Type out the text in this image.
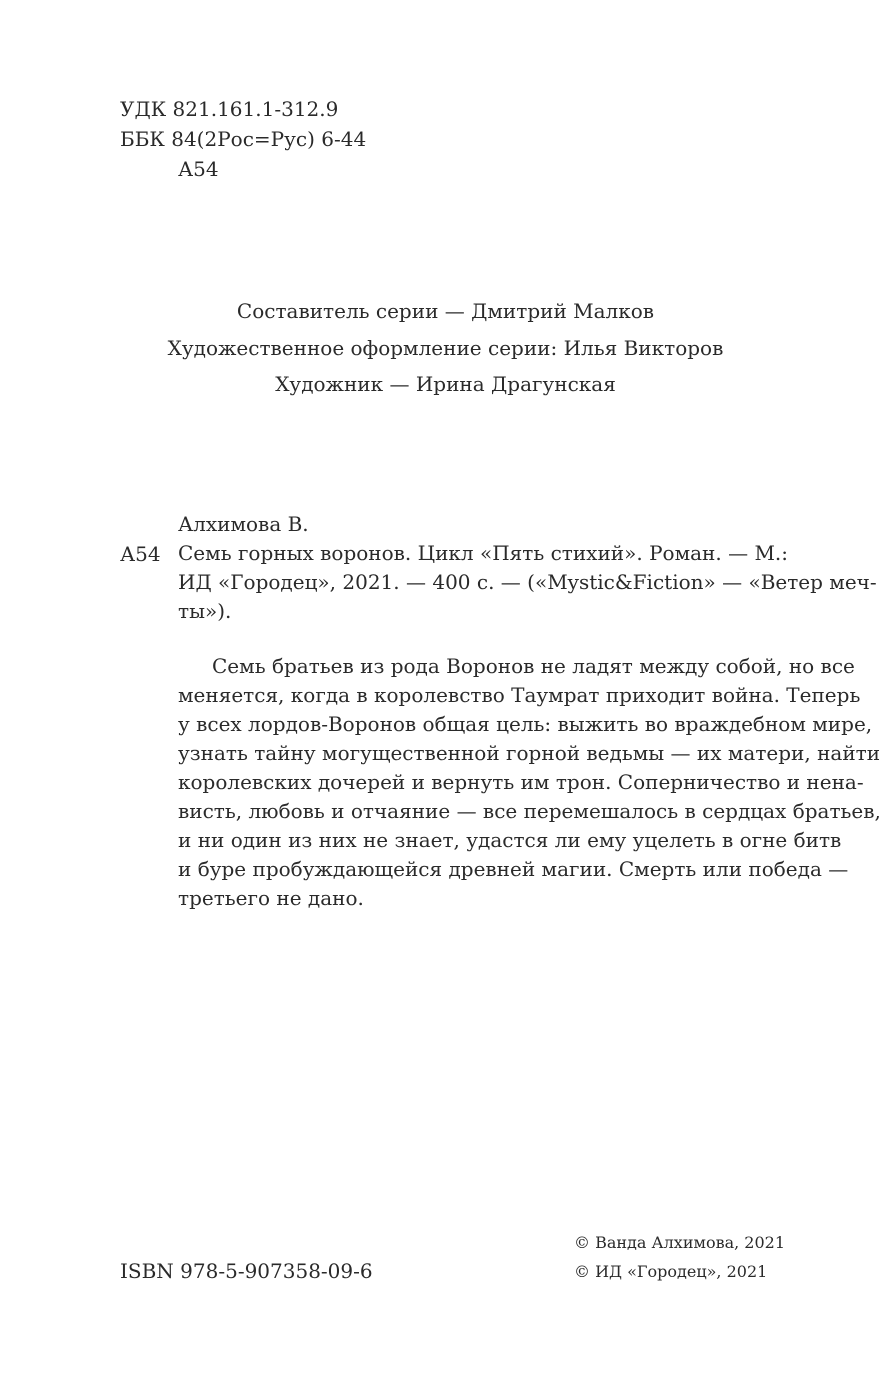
УДК 821.161.1-312.9
ББК 84(2Рос=Рус) 6-44
А54
Составитель серии — Дмитрий Малков
Художественное оформление серии: Илья Викторов
Художник — Ирина Драгунская
Алхимова В.
А54 Семь горных воронов. Цикл «Пять стихий». Роман. — М.:
ИД «Городец», 2021. — 400 с. — («Mystic&Fiction» — «Ветер меч-
ты»).
Семь братьев из рода Воронов не ладят между собой, но все
меняется, когда в королевство Таумрат приходит война. Теперь
у всех лордов-Воронов общая цель: выжить во враждебном мире,
узнать тайну могущественной горной ведьмы — их матери, найти
королевских дочерей и вернуть им трон. Соперничество и нена-
висть, любовь и отчаяние — все перемешалось в сердцах братьев,
и ни один из них не знает, удастся ли ему уцелеть в огне битв
и буре пробуждающейся древней магии. Смерть или победа —
третьего не дано.
ISBN 978-5-907358-09-6
© Ванда Алхимова, 2021
© ИД «Городец», 2021
